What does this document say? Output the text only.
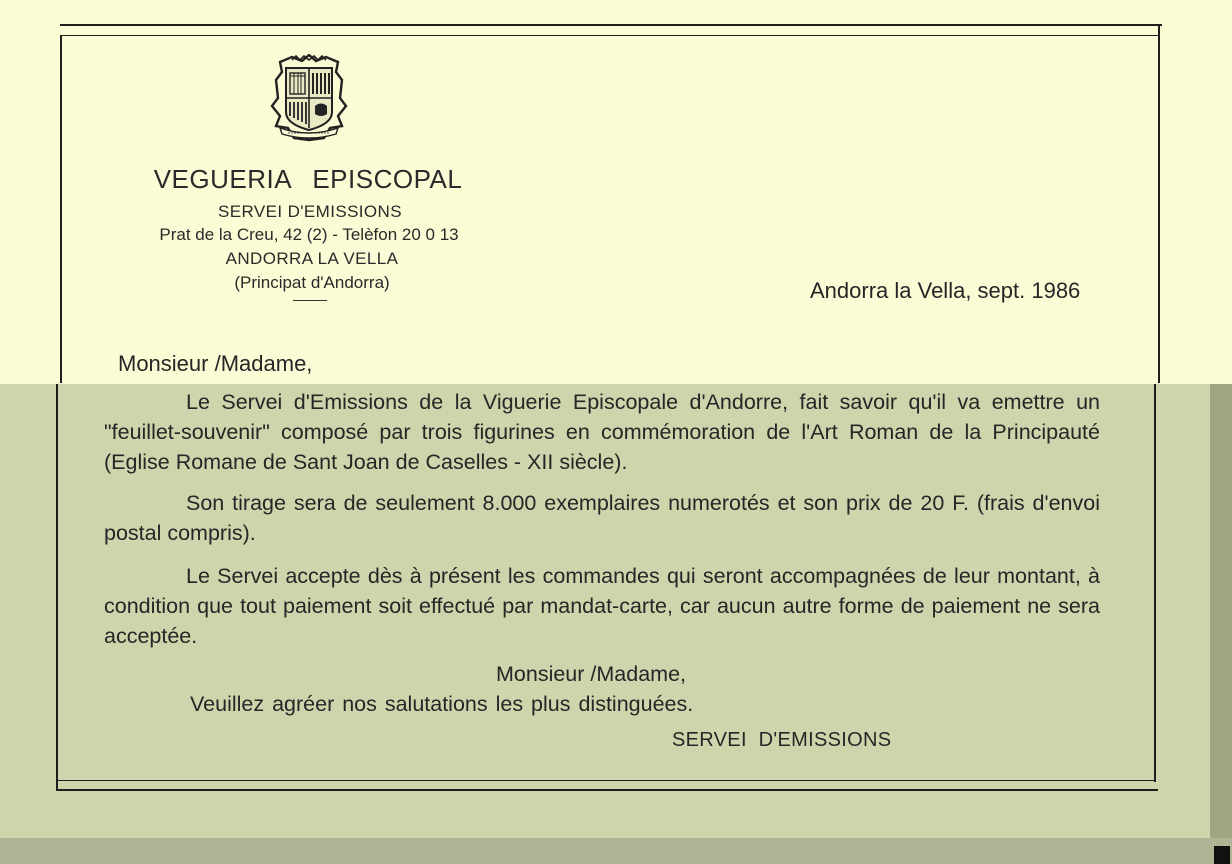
VEGUERIA EPISCOPAL
SERVEI D'EMISSIONS
Prat de la Creu, 42 (2) - Telèfon 20 0 13
ANDORRA LA VELLA
(Principat d'Andorra)	Andorra la Vella, sept. 1986
Monsieur /Madame,

Le Servei d'Emissions de la Viguerie Episcopale d'Andorre, fait savoir qu'il va emettre un "feuillet-souvenir" composé par trois figurines en commémoration de l'Art Roman de la Principauté (Eglise Romane de Sant Joan de Caselles - XII siècle).

Son tirage sera de seulement 8.000 exemplaires numerotés et son prix de 20 F. (frais d'envoi postal compris).

Le Servei accepte dès à présent les commandes qui seront accompagnées de leur montant, à condition que tout paiement soit effectué par mandat-carte, car aucun autre forme de paiement ne sera acceptée.

Monsieur /Madame,
Veuillez agréer nos salutations les plus distinguées.
SERVEI D'EMISSIONS
